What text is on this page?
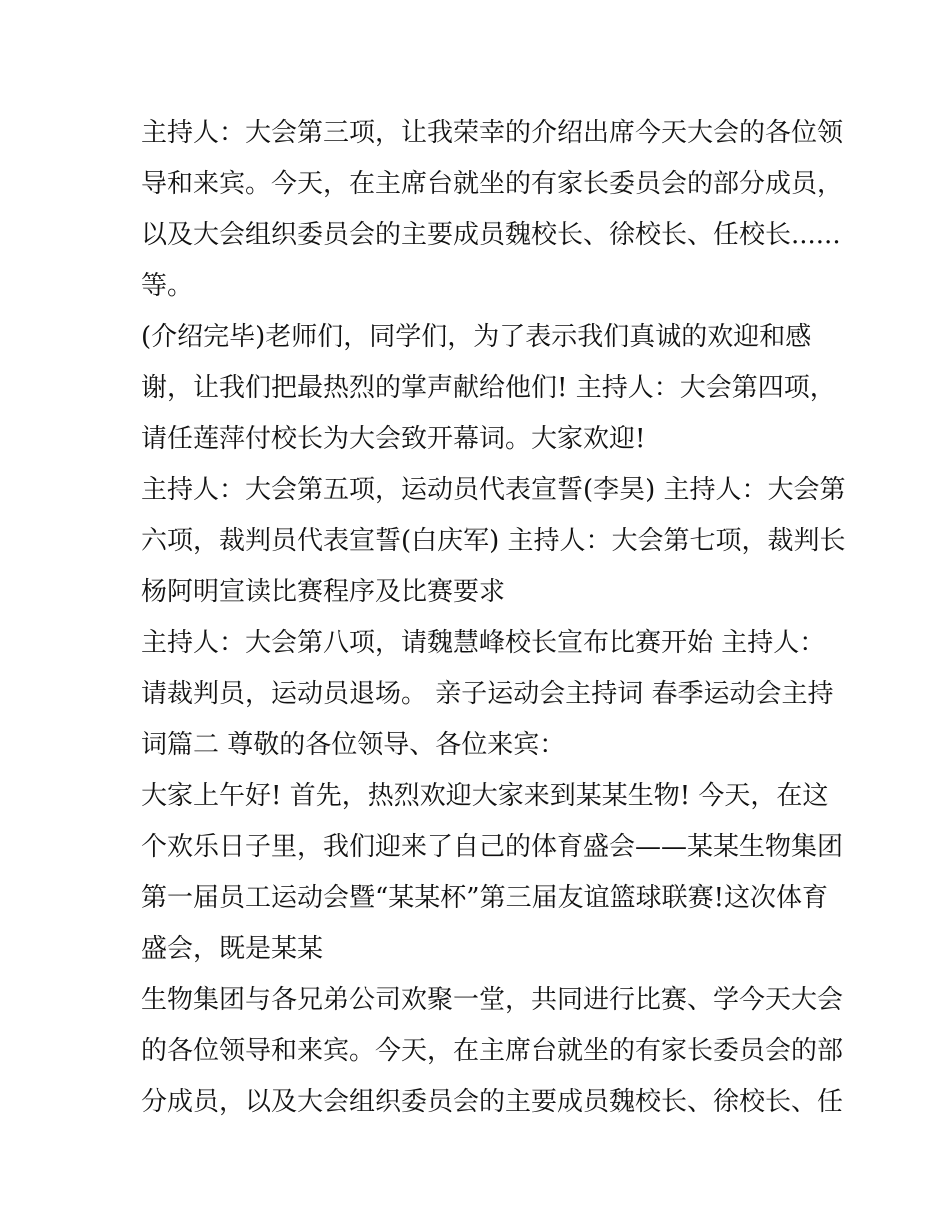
主持人：大会第三项，让我荣幸的介绍出席今天大会的各位领
导和来宾。今天，在主席台就坐的有家长委员会的部分成员，
以及大会组织委员会的主要成员魏校长、徐校长、任校长......
等。
(介绍完毕)老师们，同学们，为了表示我们真诚的欢迎和感
谢，让我们把最热烈的掌声献给他们! 主持人：大会第四项，
请任莲萍付校长为大会致开幕词。大家欢迎!
主持人：大会第五项，运动员代表宣誓(李昊) 主持人：大会第
六项，裁判员代表宣誓(白庆军) 主持人：大会第七项，裁判长
杨阿明宣读比赛程序及比赛要求
主持人：大会第八项，请魏慧峰校长宣布比赛开始 主持人：
请裁判员，运动员退场。 亲子运动会主持词 春季运动会主持
词篇二 尊敬的各位领导、各位来宾：
大家上午好! 首先，热烈欢迎大家来到某某生物! 今天，在这
个欢乐日子里，我们迎来了自己的体育盛会——某某生物集团
第一届员工运动会暨“某某杯”第三届友谊篮球联赛!这次体育
盛会，既是某某
生物集团与各兄弟公司欢聚一堂，共同进行比赛、学今天大会
的各位领导和来宾。今天，在主席台就坐的有家长委员会的部
分成员，以及大会组织委员会的主要成员魏校长、徐校长、任
